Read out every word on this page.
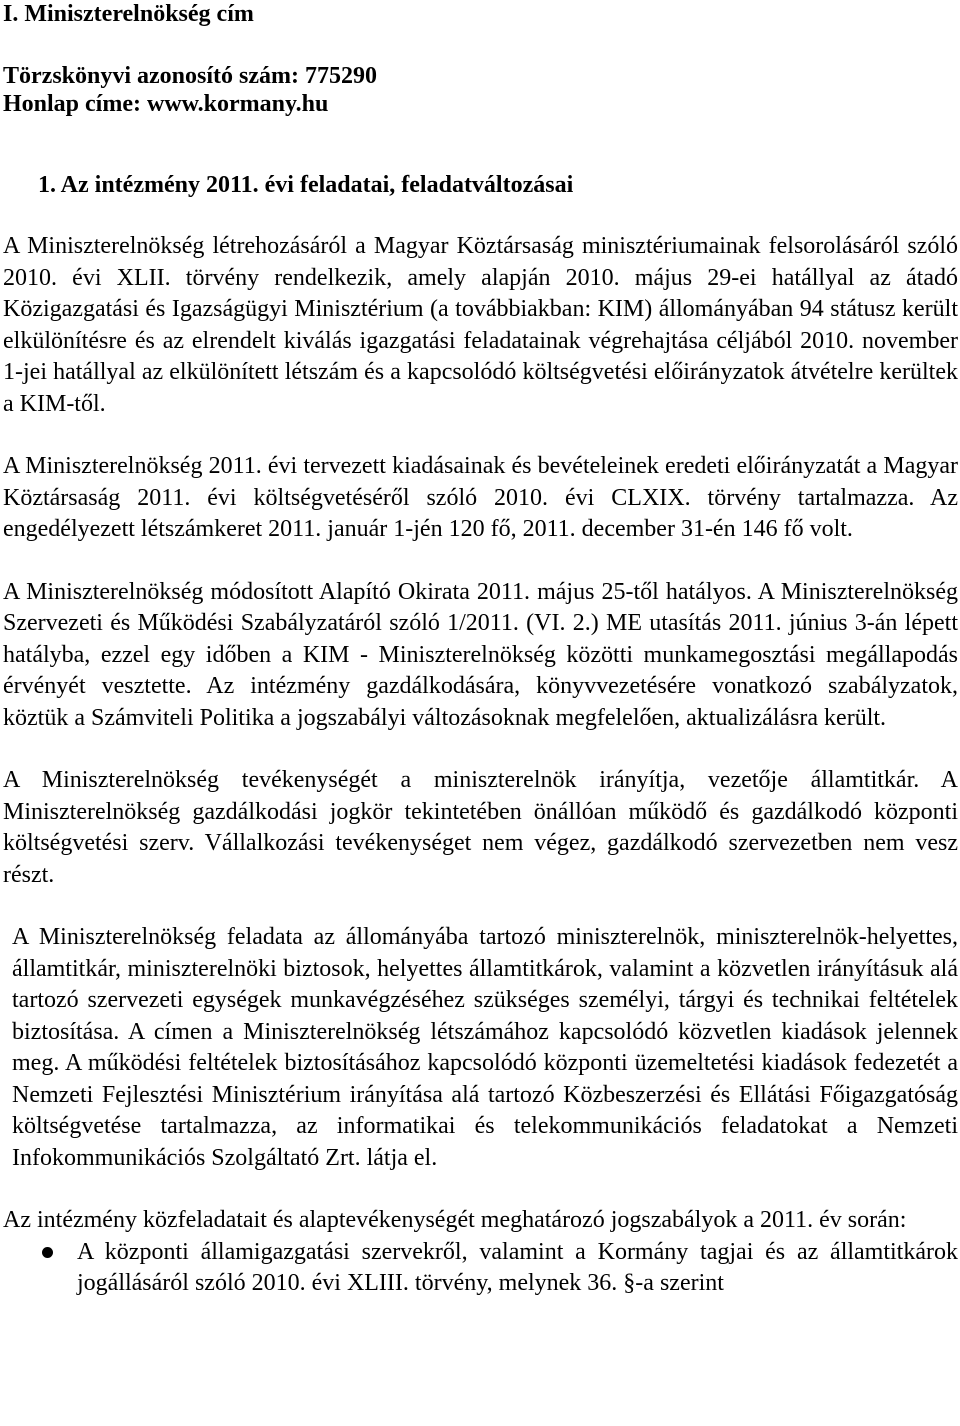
I. Miniszterelnökség cím
Törzskönyvi azonosító szám: 775290
Honlap címe: www.kormany.hu
1. Az intézmény 2011. évi feladatai, feladatváltozásai

A Miniszterelnökség létrehozásáról a Magyar Köztársaság minisztériumainak felsorolásáról szóló 2010. évi XLII. törvény rendelkezik, amely alapján 2010. május 29-ei hatállyal az átadó Közigazgatási és Igazságügyi Minisztérium (a továbbiakban: KIM) állományában 94 státusz került elkülönítésre és az elrendelt kiválás igazgatási feladatainak végrehajtása céljából 2010. november 1-jei hatállyal az elkülönített létszám és a kapcsolódó költségvetési előirányzatok átvételre kerültek a KIM-től.

A Miniszterelnökség 2011. évi tervezett kiadásainak és bevételeinek eredeti előirányzatát a Magyar Köztársaság 2011. évi költségvetéséről szóló 2010. évi CLXIX. törvény tartalmazza. Az engedélyezett létszámkeret 2011. január 1-jén 120 fő, 2011. december 31-én 146 fő volt.

A Miniszterelnökség módosított Alapító Okirata 2011. május 25-től hatályos. A Miniszterelnökség Szervezeti és Működési Szabályzatáról szóló 1/2011. (VI. 2.) ME utasítás 2011. június 3-án lépett hatályba, ezzel egy időben a KIM - Miniszterelnökség közötti munkamegosztási megállapodás érvényét vesztette. Az intézmény gazdálkodására, könyvvezetésére vonatkozó szabályzatok, köztük a Számviteli Politika a jogszabályi változásoknak megfelelően, aktualizálásra került.

A Miniszterelnökség tevékenységét a miniszterelnök irányítja, vezetője államtitkár. A Miniszterelnökség gazdálkodási jogkör tekintetében önállóan működő és gazdálkodó központi költségvetési szerv. Vállalkozási tevékenységet nem végez, gazdálkodó szervezetben nem vesz részt.

A Miniszterelnökség feladata az állományába tartozó miniszterelnök, miniszterelnök-helyettes, államtitkár, miniszterelnöki biztosok, helyettes államtitkárok, valamint a közvetlen irányításuk alá tartozó szervezeti egységek munkavégzéséhez szükséges személyi, tárgyi és technikai feltételek biztosítása. A címen a Miniszterelnökség létszámához kapcsolódó közvetlen kiadások jelennek meg. A működési feltételek biztosításához kapcsolódó központi üzemeltetési kiadások fedezetét a Nemzeti Fejlesztési Minisztérium irányítása alá tartozó Közbeszerzési és Ellátási Főigazgatóság költségvetése tartalmazza, az informatikai és telekommunikációs feladatokat a Nemzeti Infokommunikációs Szolgáltató Zrt. látja el.

Az intézmény közfeladatait és alaptevékenységét meghatározó jogszabályok a 2011. év során:

A központi államigazgatási szervekről, valamint a Kormány tagjai és az államtitkárok jogállásáról szóló 2010. évi XLIII. törvény, melynek 36. §-a szerint
